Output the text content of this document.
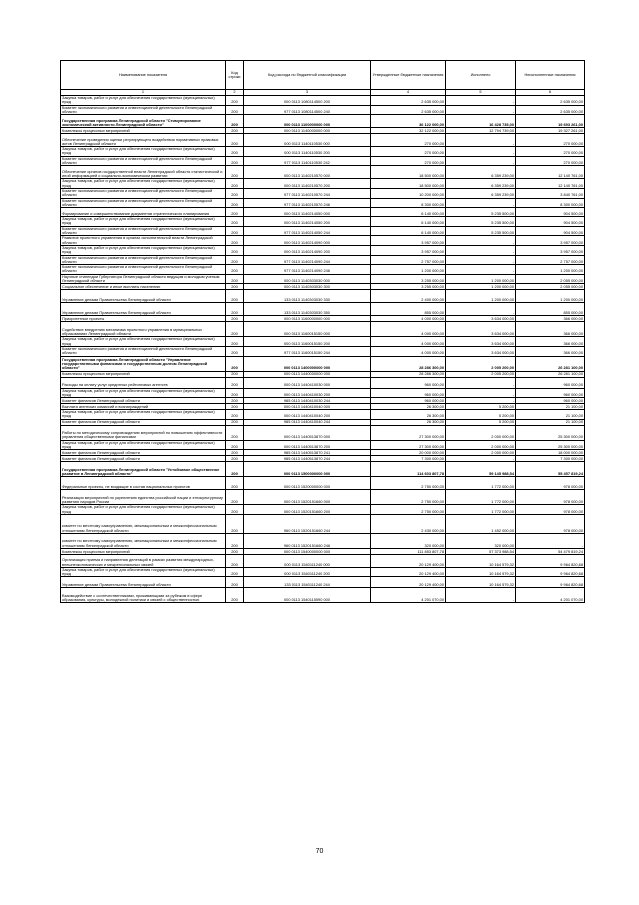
Наименование показателя	Код строки	Код расхода по бюджетной классификации	Утвержденные бюджетные назначения	Исполнено	Неисполненные назначения
1	2	3	4	5	6
Закупка товаров, работ и услуг для обеспечения государственных (муниципальных) нужд	200	000 0113 1080114500 200	2 635 000,00	-	2 635 000,00
Комитет экономического развития и инвестиционной деятельности Ленинградской области	200	977 0113 1080114500 240	2 635 000,00	-	2 635 000,00
Государственная программа Ленинградской области "Стимулирование экономической активности Ленинградской области"	200	000 0113 1100000000 000	36 122 000,00	16 428 735,00	19 693 261,00
Комплексы процессных мероприятий	200	000 0113 1140000000 000	32 122 000,00	12 794 739,00	19 327 261,00
Обеспечение проведения оценки регулирующего воздействия нормативных правовых актов Ленинградской области	200	000 0113 1140110530 000	270 000,00	-	270 000,00
Закупка товаров, работ и услуг для обеспечения государственных (муниципальных) нужд	200	000 0113 1140110530 200	270 000,00	-	270 000,00
Комитет экономического развития и инвестиционной деятельности Ленинградской области	200	977 0113 1140110530 242	270 000,00	-	270 000,00
Обеспечение органов государственной власти Ленинградской области статистической и иной информацией о социально-экономическом развитии	200	000 0113 1140210570 000	18 500 000,00	6 359 239,00	12 140 761,00
Закупка товаров, работ и услуг для обеспечения государственных (муниципальных) нужд	200	000 0113 1140210570 200	18 500 000,00	6 359 239,00	12 140 761,00
Комитет экономического развития и инвестиционной деятельности Ленинградской области	200	977 0113 1140210570 244	10 200 000,00	6 359 239,00	3 840 761,00
Комитет экономического развития и инвестиционной деятельности Ленинградской области	200	977 0113 1140210570 246	8 300 000,00	-	8 300 000,00
Формирование и совершенствование документов стратегического планирования	200	000 0113 1140214050 000	6 140 000,00	5 235 500,00	904 500,00
Закупка товаров, работ и услуг для обеспечения государственных (муниципальных) нужд	200	000 0113 1140214050 200	6 140 000,00	5 235 500,00	904 500,00
Комитет экономического развития и инвестиционной деятельности Ленинградской области	200	977 0113 1140214050 244	6 140 000,00	5 235 500,00	904 500,00
Развитие проектного управления в органах исполнительной власти Ленинградской области	200	000 0113 1140214090 000	3 957 000,00	-	3 957 000,00
Закупка товаров, работ и услуг для обеспечения государственных (муниципальных) нужд	200	000 0113 1140214090 200	3 957 000,00	-	3 957 000,00
Комитет экономического развития и инвестиционной деятельности Ленинградской области	200	977 0113 1140214090 244	2 757 000,00	-	2 757 000,00
Комитет экономического развития и инвестиционной деятельности Ленинградской области	200	977 0113 1140214090 246	1 200 000,00	-	1 200 000,00
Научные стипендии Губернатора Ленинградской области ведущим и молодым ученым Ленинградской области	200	000 0113 1140303030 000	3 255 000,00	1 200 000,00	2 055 000,00
Социальное обеспечение и иные выплаты населению	200	000 0113 1140303030 300	3 255 000,00	1 200 000,00	2 055 000,00
Управление делами Правительства Ленинградской области	200	133 0113 1140303030 330	2 400 000,00	1 200 000,00	1 200 000,00
Управление делами Правительства Ленинградской области	200	133 0113 1140303030 350	855 000,00	-	855 000,00
Приоритетные проекты	200	000 0113 1160000000 000	4 000 000,00	3 634 000,00	366 000,00
Содействие внедрению механизма проектного управления в муниципальных образованиях Ленинградской области	200	000 0113 1160015150 000	4 000 000,00	3 634 000,00	366 000,00
Закупка товаров, работ и услуг для обеспечения государственных (муниципальных) нужд	200	000 0113 1160015150 200	4 000 000,00	3 634 000,00	366 000,00
Комитет экономического развития и инвестиционной деятельности Ленинградской области	200	977 0113 1160015150 244	4 000 000,00	3 634 000,00	366 000,00
Государственная программа Ленинградской области "Управление государственными финансами и государственным долгом Ленинградской области"	200	000 0113 1400000000 000	28 286 300,00	2 005 200,00	26 281 100,00
Комплексы процессных мероприятий	200	000 0113 1440000000 000	28 286 300,00	2 005 200,00	26 281 100,00
Расходы на оплату услуг кредитных рейтинговых агентств	200	000 0113 1440410030 000	960 000,00	-	960 000,00
Закупка товаров, работ и услуг для обеспечения государственных (муниципальных) нужд	200	000 0113 1440410030 200	960 000,00	-	960 000,00
Комитет финансов Ленинградской области	200	985 0113 1440410030 244	960 000,00	-	960 000,00
Выплата агентских комиссий и вознаграждений	200	000 0113 1440410040 000	26 300,00	5 200,00	21 100,00
Закупка товаров, работ и услуг для обеспечения государственных (муниципальных) нужд	200	000 0113 1440410040 200	26 300,00	5 200,00	21 100,00
Комитет финансов Ленинградской области	200	985 0113 1440410040 244	26 300,00	5 200,00	21 100,00
Работы по методическому сопровождению мероприятий по повышению эффективности управления общественными финансами	200	000 0113 1440513870 000	27 300 000,00	2 000 000,00	25 300 000,00
Закупка товаров, работ и услуг для обеспечения государственных (муниципальных) нужд	200	000 0113 1440513870 200	27 300 000,00	2 000 000,00	25 300 000,00
Комитет финансов Ленинградской области	200	985 0113 1440513870 241	20 000 000,00	2 000 000,00	18 000 000,00
Комитет финансов Ленинградской области	200	985 0113 1440513870 244	7 300 000,00	-	7 300 000,00
Государственная программа Ленинградской области "Устойчивое общественное развитие в Ленинградской области"	200	000 0113 1500000000 000	114 603 807,78	59 145 988,54	55 457 819,24
Федеральные проекты, не входящие в состав национальных проектов	200	000 0113 1520000000 000	2 750 000,00	1 772 000,00	978 000,00
Реализация мероприятий по укреплению единства российской нации и этнокультурному развитию народов России	200	000 0113 1520151660 000	2 750 000,00	1 772 000,00	978 000,00
Закупка товаров, работ и услуг для обеспечения государственных (муниципальных) нужд	200	000 0113 1520151660 200	2 750 000,00	1 772 000,00	978 000,00
комитет по местному самоуправлению, межнациональным и межконфессиональным отношениям Ленинградской области	200	960 0113 1520151660 244	2 430 000,00	1 452 000,00	978 000,00
комитет по местному самоуправлению, межнациональным и межконфессиональным отношениям Ленинградской области	200	960 0113 1520151660 246	320 000,00	320 000,00	-
Комплексы процессных мероприятий	200	000 0113 1540000000 000	111 853 807,78	57 373 988,54	54 479 819,24
Организация приема и направления делегаций в рамках развития международных, внешнеэкономических и межрегиональных связей	200	000 0113 1540111240 000	20 129 400,00	10 164 579,32	9 964 820,68
Закупка товаров, работ и услуг для обеспечения государственных (муниципальных) нужд	200	000 0113 1540111240 200	20 129 400,00	10 164 579,32	9 964 820,68
Управление делами Правительства Ленинградской области	200	133 0113 1540111240 244	20 129 400,00	10 164 579,32	9 964 820,68
Взаимодействие с соотечественниками, проживающими за рубежом в сфере образования, культуры, молодежной политики и связей с общественностью	200	000 0113 1540115590 000	4 201 070,00	-	4 201 070,00
70
